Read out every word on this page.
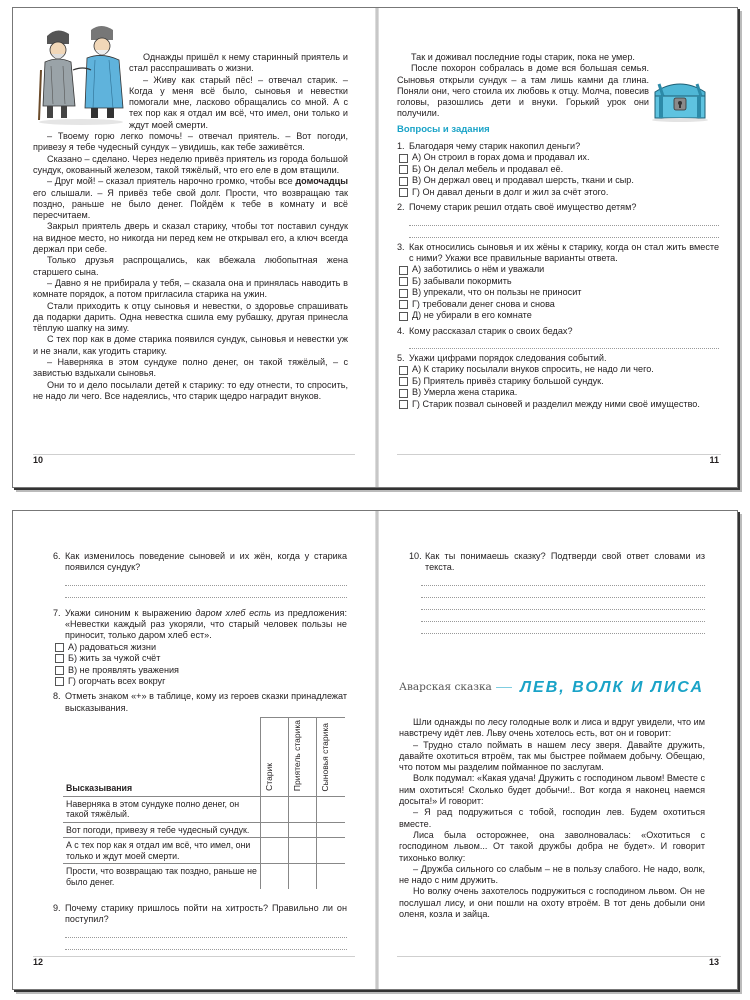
Однажды пришёл к нему старинный приятель и стал расспрашивать о жизни.

– Живу как старый пёс! – отвечал старик. – Когда у меня всё было, сыновья и невестки помогали мне, ласково обращались со мной. А с тех пор как я отдал им всё, что имел, они только и ждут моей смерти.

– Твоему горю легко помочь! – отвечал приятель. – Вот погоди, привезу я тебе чудесный сундук – увидишь, как тебе заживётся.

Сказано – сделано. Через неделю привёз приятель из города большой сундук, окованный железом, такой тяжёлый, что его еле в дом втащили.

– Друг мой! – сказал приятель нарочно громко, чтобы все домочадцы его слышали. – Я привёз тебе свой долг. Прости, что возвращаю так поздно, раньше не было денег. Пойдём к тебе в комнату и всё пересчитаем.

Закрыл приятель дверь и сказал старику, чтобы тот поставил сундук на видное место, но никогда ни перед кем не открывал его, а ключ всегда держал при себе.

Только друзья распрощались, как вбежала любопытная жена старшего сына.

– Давно я не прибирала у тебя, – сказала она и принялась наводить в комнате порядок, а потом пригласила старика на ужин.

Стали приходить к отцу сыновья и невестки, о здоровье спрашивать да подарки дарить. Одна невестка сшила ему рубашку, другая принесла тёплую шапку на зиму.

С тех пор как в доме старика появился сундук, сыновья и невестки уж и не знали, как угодить старику.

– Наверняка в этом сундуке полно денег, он такой тяжёлый, – с завистью вздыхали сыновья.

Они то и дело посылали детей к старику: то еду отнести, то спросить, не надо ли чего. Все надеялись, что старик щедро наградит внуков.

10

Так и доживал последние годы старик, пока не умер.

После похорон собралась в доме вся большая семья. Сыновья открыли сундук – а там лишь камни да глина. Поняли они, чего стоила их любовь к отцу. Молча, повесив головы, разошлись дети и внуки. Горький урок они получили.

Вопросы и задания
1. Благодаря чему старик накопил деньги?
А) Он строил в горах дома и продавал их.
Б) Он делал мебель и продавал её.
В) Он держал овец и продавал шерсть, ткани и сыр.
Г) Он давал деньги в долг и жил за счёт этого.
2. Почему старик решил отдать своё имущество детям?
3. Как относились сыновья и их жёны к старику, когда он стал жить вместе с ними? Укажи все правильные варианты ответа.
А) заботились о нём и уважали
Б) забывали покормить
В) упрекали, что он пользы не приносит
Г) требовали денег снова и снова
Д) не убирали в его комнате
4. Кому рассказал старик о своих бедах?
5. Укажи цифрами порядок следования событий.
А) К старику посылали внуков спросить, не надо ли чего.
Б) Приятель привёз старику большой сундук.
В) Умерла жена старика.
Г) Старик позвал сыновей и разделил между ними своё имущество.
11
6. Как изменилось поведение сыновей и их жён, когда у старика появился сундук?
7. Укажи синоним к выражению даром хлеб есть из предложения: «Невестки каждый раз укоряли, что старый человек пользы не приносит, только даром хлеб ест».
А) радоваться жизни
Б) жить за чужой счёт
В) не проявлять уважения
Г) огорчать всех вокруг
8. Отметь знаком «+» в таблице, кому из героев сказки принадлежат высказывания.
Высказывания	Старик	Приятель старика	Сыновья старика
Наверняка в этом сундуке полно денег, он такой тяжёлый.			
Вот погоди, привезу я тебе чудесный сундук.			
А с тех пор как я отдал им всё, что имел, они только и ждут моей смерти.			
Прости, что возвращаю так поздно, раньше не было денег.			
9. Почему старику пришлось пойти на хитрость? Правильно ли он поступил?
12
10. Как ты понимаешь сказку? Подтверди свой ответ словами из текста.
Аварская сказка	ЛЕВ, ВОЛК И ЛИСА

Шли однажды по лесу голодные волк и лиса и вдруг увидели, что им навстречу идёт лев. Льву очень хотелось есть, вот он и говорит:

– Трудно стало поймать в нашем лесу зверя. Давайте дружить, давайте охотиться втроём, так мы быстрее поймаем добычу. Обещаю, что потом мы разделим пойманное по заслугам.

Волк подумал: «Какая удача! Дружить с господином львом! Вместе с ним охотиться! Сколько будет добычи!.. Вот когда я наконец наемся досыта!» И говорит:

– Я рад подружиться с тобой, господин лев. Будем охотиться вместе.

Лиса была осторожнее, она заволновалась: «Охотиться с господином львом... От такой дружбы добра не будет». И говорит тихонько волку:

– Дружба сильного со слабым – не в пользу слабого. Не надо, волк, не надо с ним дружить.

Но волку очень захотелось подружиться с господином львом. Он не послушал лису, и они пошли на охоту втроём. В тот день добыли они оленя, козла и зайца.

13
